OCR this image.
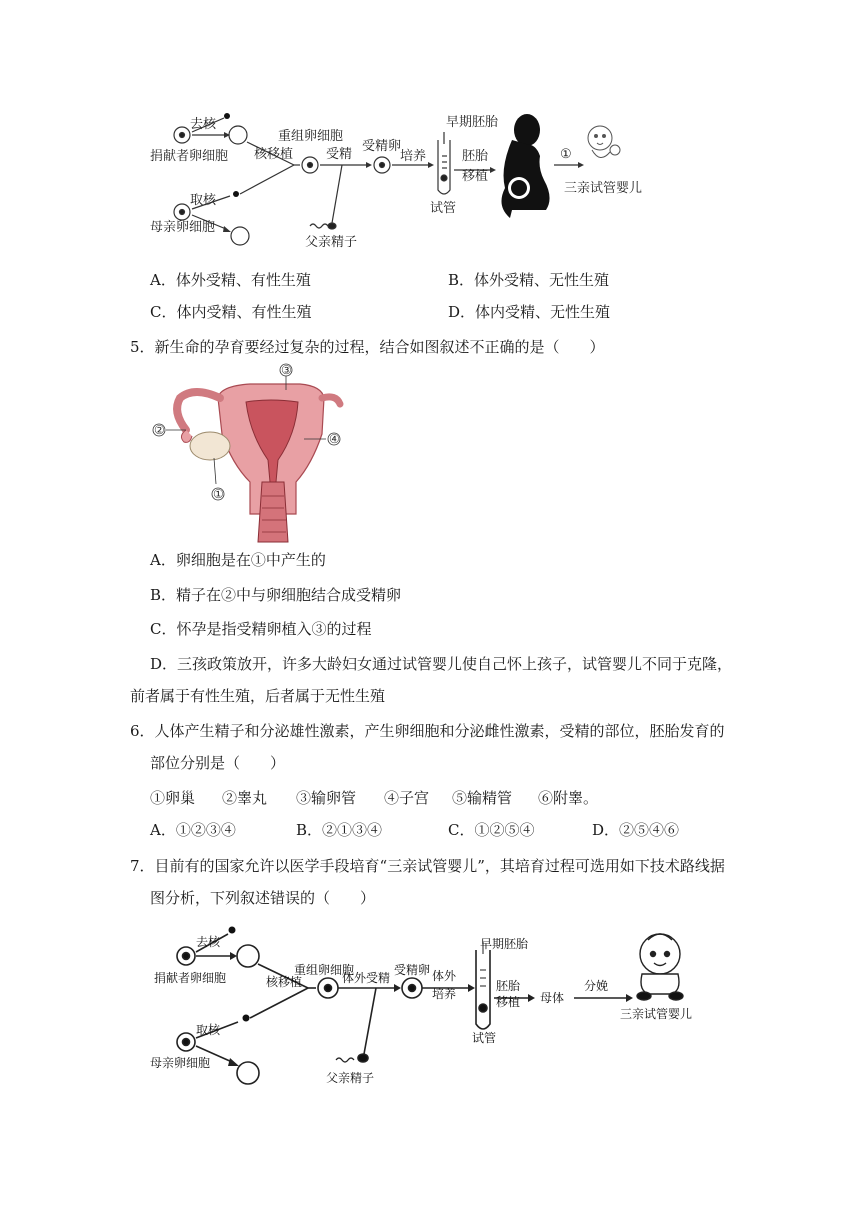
去核
捐献者卵细胞
取核
母亲卵细胞
核移植
重组卵细胞
受精
父亲精子
受精卵
培养
早期胚胎
试管
胚胎
移植
①
三亲试管婴儿
A．体外受精、有性生殖	B．体外受精、无性生殖
C．体内受精、有性生殖	D．体内受精、无性生殖
5．新生命的孕育要经过复杂的过程，结合如图叙述不正确的是（　　）
③
②
④
①
A．卵细胞是在①中产生的
B．精子在②中与卵细胞结合成受精卵
C．怀孕是指受精卵植入③的过程
D．三孩政策放开，许多大龄妇女通过试管婴儿使自己怀上孩子，试管婴儿不同于克隆，
前者属于有性生殖，后者属于无性生殖
6．人体产生精子和分泌雄性激素，产生卵细胞和分泌雌性激素，受精的部位，胚胎发育的
部位分别是（　　）
①卵巢 ②睾丸 ③输卵管 ④子宫 ⑤输精管 ⑥附睾。
A．①②③④	B．②①③④	C．①②⑤④	D．②⑤④⑥
7．目前有的国家允许以医学手段培育“三亲试管婴儿”，其培育过程可选用如下技术路线据
图分析，下列叙述错误的（　　）
去核
捐献者卵细胞
取核
母亲卵细胞
核移植
重组卵细胞
体外受精
父亲精子
受精卵 体外
培养
早期胚胎
试管
胚胎
移植 母体
分娩
三亲试管婴儿
